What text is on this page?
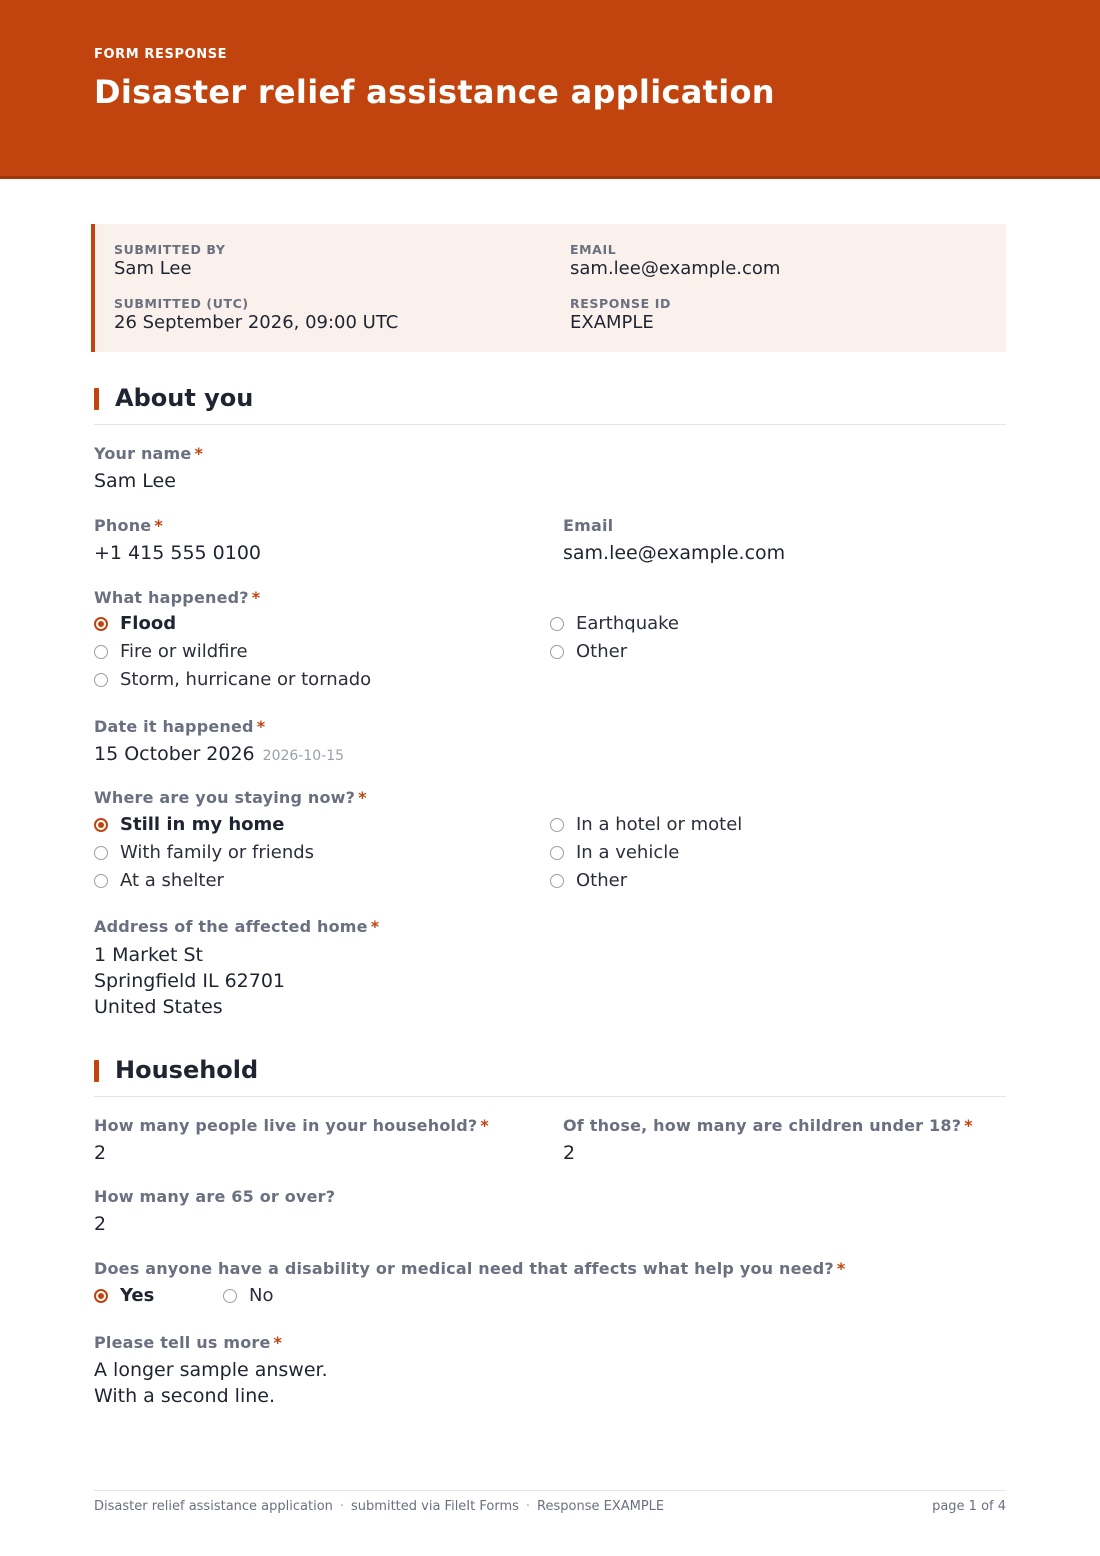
FORM RESPONSE
Disaster relief assistance application
SUBMITTED BY
Sam Lee
EMAIL
sam.lee@example.com
SUBMITTED (UTC)
26 September 2026, 09:00 UTC
RESPONSE ID
EXAMPLE
About you
Your name *
Sam Lee
Phone *
+1 415 555 0100
Email
sam.lee@example.com
What happened? *
Flood
Fire or wildfire
Storm, hurricane or tornado
Earthquake
Other
Date it happened *
15 October 2026 2026-10-15
Where are you staying now? *
Still in my home
With family or friends
At a shelter
In a hotel or motel
In a vehicle
Other
Address of the affected home *
1 Market St
Springfield IL 62701
United States
Household
How many people live in your household? *
2
Of those, how many are children under 18? *
2
How many are 65 or over?
2
Does anyone have a disability or medical need that affects what help you need? *
Yes	No
Please tell us more *
A longer sample answer.
With a second line.
Disaster relief assistance application · submitted via FileIt Forms · Response EXAMPLE	page 1 of 4
